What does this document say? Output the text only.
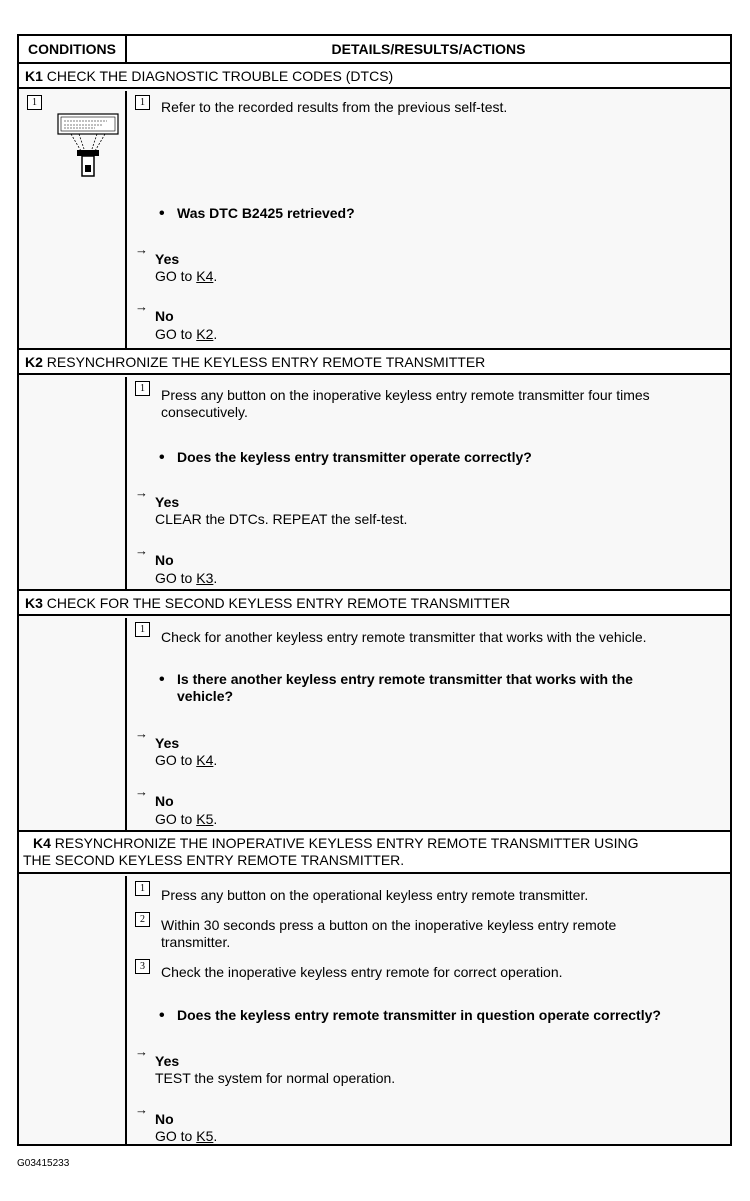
CONDITIONS	DETAILS/RESULTS/ACTIONS
K1 CHECK THE DIAGNOSTIC TROUBLE CODES (DTCS)
1	1	Refer to the recorded results from the previous self-test.
• Was DTC B2425 retrieved?
→
Yes
GO to K4.
→
No
GO to K2.
K2 RESYNCHRONIZE THE KEYLESS ENTRY REMOTE TRANSMITTER
1	Press any button on the inoperative keyless entry remote transmitter four times
consecutively.
• Does the keyless entry transmitter operate correctly?
→
Yes
CLEAR the DTCs. REPEAT the self-test.
→
No
GO to K3.
K3 CHECK FOR THE SECOND KEYLESS ENTRY REMOTE TRANSMITTER
1	Check for another keyless entry remote transmitter that works with the vehicle.
• Is there another keyless entry remote transmitter that works with the
vehicle?
→
Yes
GO to K4.
→
No
GO to K5.
K4 RESYNCHRONIZE THE INOPERATIVE KEYLESS ENTRY REMOTE TRANSMITTER USING
THE SECOND KEYLESS ENTRY REMOTE TRANSMITTER.
1	Press any button on the operational keyless entry remote transmitter.
2	Within 30 seconds press a button on the inoperative keyless entry remote
transmitter.
3	Check the inoperative keyless entry remote for correct operation.
• Does the keyless entry remote transmitter in question operate correctly?
→
Yes
TEST the system for normal operation.
→
No
GO to K5.
G03415233
